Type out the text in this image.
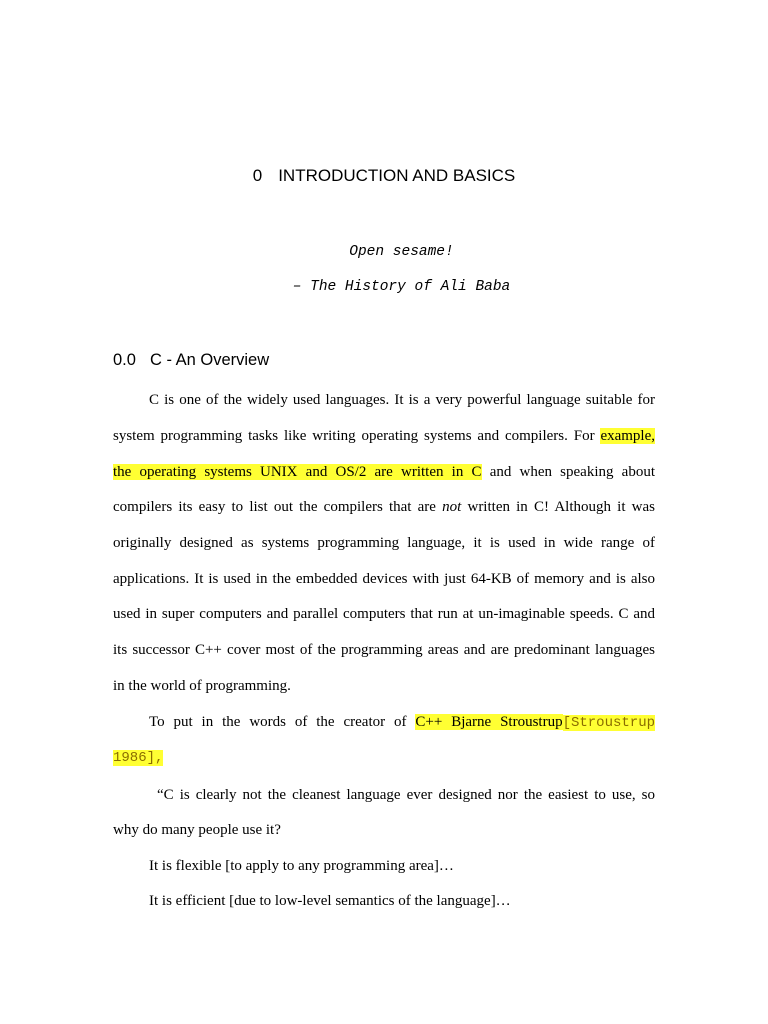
0 INTRODUCTION AND BASICS
Open sesame!
– The History of Ali Baba
0.0 C - An Overview
C is one of the widely used languages. It is a very powerful language suitable for
system programming tasks like writing operating systems and compilers. For example,
the operating systems UNIX and OS/2 are written in C and when speaking about
compilers its easy to list out the compilers that are not written in C! Although it was
originally designed as systems programming language, it is used in wide range of
applications. It is used in the embedded devices with just 64-KB of memory and is also
used in super computers and parallel computers that run at un-imaginable speeds. C and
its successor C++ cover most of the programming areas and are predominant languages
in the world of programming.
To put in the words of the creator of C++ Bjarne Stroustrup[Stroustrup
1986],
“C is clearly not the cleanest language ever designed nor the easiest to use, so
why do many people use it?
It is flexible [to apply to any programming area]…
It is efficient [due to low-level semantics of the language]…
